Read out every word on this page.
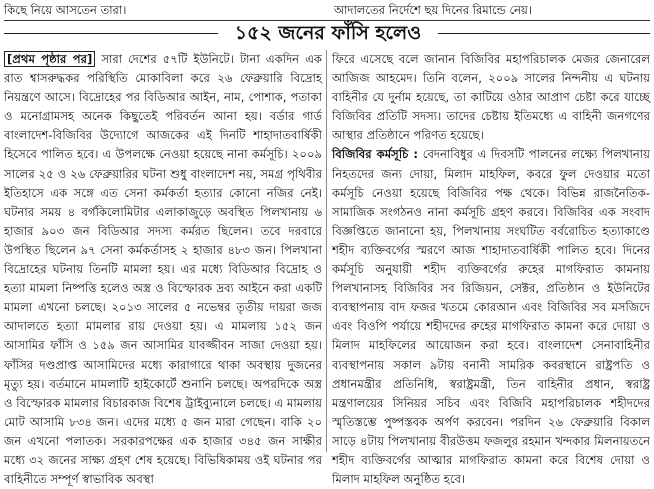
কিছে নিয়ে আসতেন তারা।	আদালতের নির্দেশে ছয় দিনের রিমান্ডে নেয়।
১৫২ জনের ফাঁসি হলেও

[প্রথম পৃষ্ঠার পর] সারা দেশের ৫৭টি ইউনিটে। টানা একদিন এক রাত শ্বাসরুদ্ধকর পরিস্থিতি মোকাবিলা করে ২৬ ফেব্রুয়ারি বিদ্রোহ নিয়ন্ত্রণে আসে। বিদ্রোহের পর বিডিআর আইন, নাম, পোশাক, পতাকা ও মনোগ্রামসহ অনেক কিছুতেই পরিবর্তন আনা হয়। বর্ডার গার্ড বাংলাদেশ-বিজিবির উদ্যোগে আজকের এই দিনটি শাহাদাতবার্ষিকী হিসেবে পালিত হবে। এ উপলক্ষে নেওয়া হয়েছে নানা কর্মসূচি। ২০০৯ সালের ২৫ ও ২৬ ফেব্রুয়ারির ঘটনা শুধু বাংলাদেশ নয়, সমগ্র পৃথিবীর ইতিহাসে এক সঙ্গে এত সেনা কর্মকর্তা হত্যার কোনো নজির নেই। ঘটনার সময় ৪ বর্গকিলোমিটার এলাকাজুড়ে অবস্থিত পিলখানায় ৬ হাজার ৯০৩ জন বিডিআর সদস্য কর্মরত ছিলেন। তবে দরবারে উপস্থিত ছিলেন ৯৭ সেনা কর্মকর্তাসহ ২ হাজার ৪৮৩ জন। পিলখানা বিদ্রোহের ঘটনায় তিনটি মামলা হয়। এর মধ্যে বিডিআর বিদ্রোহ ও হত্যা মামলা নিষ্পত্তি হলেও অস্ত্র ও বিস্ফোরক দ্রব্য আইনে করা একটি মামলা এখনো চলছে। ২০১৩ সালের ৫ নভেম্বর তৃতীয় দায়রা জজ আদালতে হত্যা মামলার রায় দেওয়া হয়। এ মামলায় ১৫২ জন আসামির ফাঁসি ও ১৫৯ জন আসামির যাবজ্জীবন সাজা দেওয়া হয়। ফাঁসির দণ্ডপ্রাপ্ত আসামিদের মধ্যে কারাগারে থাকা অবস্থায় দুজনের মৃত্যু হয়। বর্তমানে মামলাটি হাইকোর্টে শুনানি চলছে। অপরদিকে অস্ত্র ও বিস্ফোরক মামলার বিচারকাজ বিশেষ ট্রাইব্যুনালে চলছে। এ মামলায় মোট আসামি ৮৩৪ জন। এদের মধ্যে ৫ জন মারা গেছেন। বাকি ২০ জন এখনো পলাতক। সরকারপক্ষের এক হাজার ৩৪৫ জন সাক্ষীর মধ্যে ৩২ জনের সাক্ষ্য গ্রহণ শেষ হয়েছে। বিভিষিকাময় ওই ঘটনার পর বাহিনীতে সম্পূর্ণ স্বাভাবিক অবস্থা

ফিরে এসেছে বলে জানান বিজিবির মহাপরিচালক মেজর জেনারেল আজিজ আহমেদ। তিনি বলেন, ২০০৯ সালের নিন্দনীয় এ ঘটনায় বাহিনীর যে দুর্নাম হয়েছে, তা কাটিয়ে ওঠার আপ্রাণ চেষ্টা করে যাচ্ছে বিজিবির প্রতিটি সদস্য। তাদের চেষ্টায় ইতিমধ্যে এ বাহিনী জনগণের আস্থার প্রতিষ্ঠানে পরিণত হয়েছে।

বিজিবির কর্মসূচি : বেদনাবিধুর এ দিবসটি পালনের লক্ষ্যে পিলখানায় নিহতদের জন্য দোয়া, মিলাদ মাহফিল, কবরে ফুল দেওয়ার মতো কর্মসূচি নেওয়া হয়েছে বিজিবির পক্ষ থেকে। বিভিন্ন রাজনৈতিক-সামাজিক সংগঠনও নানা কর্মসূচি গ্রহণ করবে। বিজিবির এক সংবাদ বিজ্ঞপ্তিতে জানানো হয়, পিলখানায় সংঘটিত বর্বরোচিত হত্যাকাণ্ডে শহীদ ব্যক্তিবর্গের স্মরণে আজ শাহাদাতবার্ষিকী পালিত হবে। দিনের কর্মসূচি অনুযায়ী শহীদ ব্যক্তিবর্গের রুহের মাগফিরাত কামনায় পিলখানাসহ বিজিবির সব রিজিয়ন, সেক্টর, প্রতিষ্ঠান ও ইউনিটের ব্যবস্থাপনায় বাদ ফজর খতমে কোরআন এবং বিজিবির সব মসজিদে এবং বিওপি পর্যায়ে শহীদদের রুহের মাগফিরাত কামনা করে দোয়া ও মিলাদ মাহফিলের আয়োজন করা হবে। বাংলাদেশ সেনাবাহিনীর ব্যবস্থাপনায় সকাল ৯টায় বনানী সামরিক কবরস্থানে রাষ্ট্রপতি ও প্রধানমন্ত্রীর প্রতিনিধি, স্বরাষ্ট্রমন্ত্রী, তিন বাহিনীর প্রধান, স্বরাষ্ট্র মন্ত্রণালয়ের সিনিয়র সচিব এবং বিজিবি মহাপরিচালক শহীদদের স্মৃতিস্তম্ভে পুষ্পস্তবক অর্পণ করবেন। পরদিন ২৬ ফেব্রুয়ারি বিকাল সাড়ে ৪টায় পিলখানায় বীরউত্তম ফজলুর রহমান খন্দকার মিলনায়তনে শহীদ ব্যক্তিবর্গের আত্মার মাগফিরাত কামনা করে বিশেষ দোয়া ও মিলাদ মাহফিল অনুষ্ঠিত হবে।
